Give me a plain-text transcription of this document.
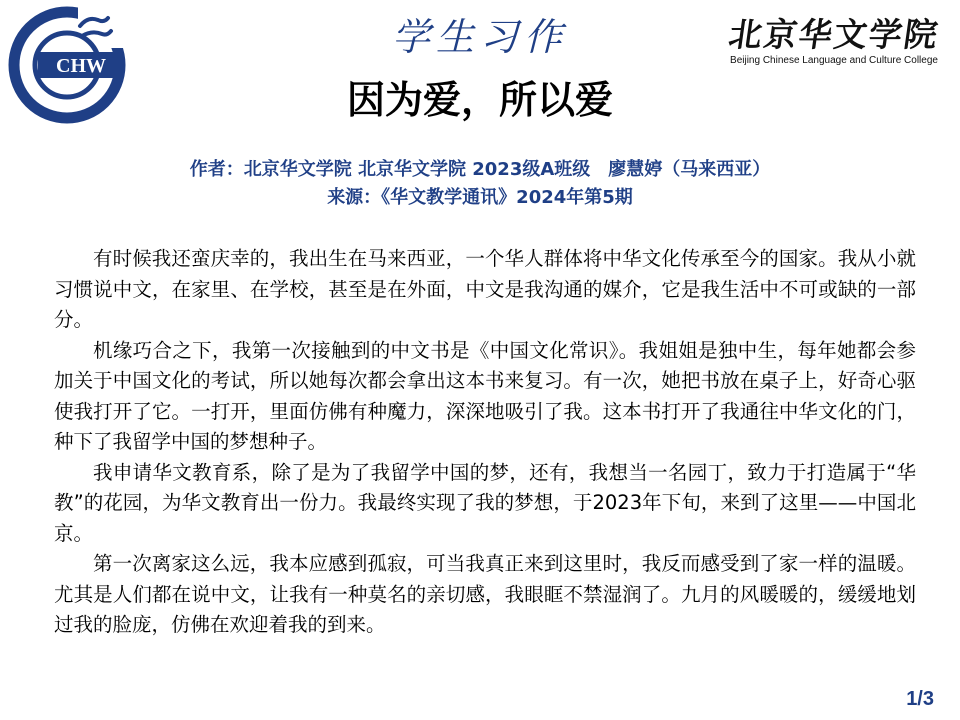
CHW
学生习作	北京华文学院
Beijing Chinese Language and Culture College
因为爱，所以爱
作者：北京华文学院 北京华文学院 2023级A班级　廖慧婷（马来西亚）
来源：《华文教学通讯》2024年第5期

有时候我还蛮庆幸的，我出生在马来西亚，一个华人群体将中华文化传承至今的国家。我从小就习惯说中文，在家里、在学校，甚至是在外面，中文是我沟通的媒介，它是我生活中不可或缺的一部分。

机缘巧合之下，我第一次接触到的中文书是《中国文化常识》。我姐姐是独中生，每年她都会参加关于中国文化的考试，所以她每次都会拿出这本书来复习。有一次，她把书放在桌子上，好奇心驱使我打开了它。一打开，里面仿佛有种魔力，深深地吸引了我。这本书打开了我通往中华文化的门，种下了我留学中国的梦想种子。

我申请华文教育系，除了是为了我留学中国的梦，还有，我想当一名园丁，致力于打造属于“华教”的花园，为华文教育出一份力。我最终实现了我的梦想，于2023年下旬，来到了这里——中国北京。

第一次离家这么远，我本应感到孤寂，可当我真正来到这里时，我反而感受到了家一样的温暖。尤其是人们都在说中文，让我有一种莫名的亲切感，我眼眶不禁湿润了。九月的风暖暖的，缓缓地划过我的脸庞，仿佛在欢迎着我的到来。

1/3
